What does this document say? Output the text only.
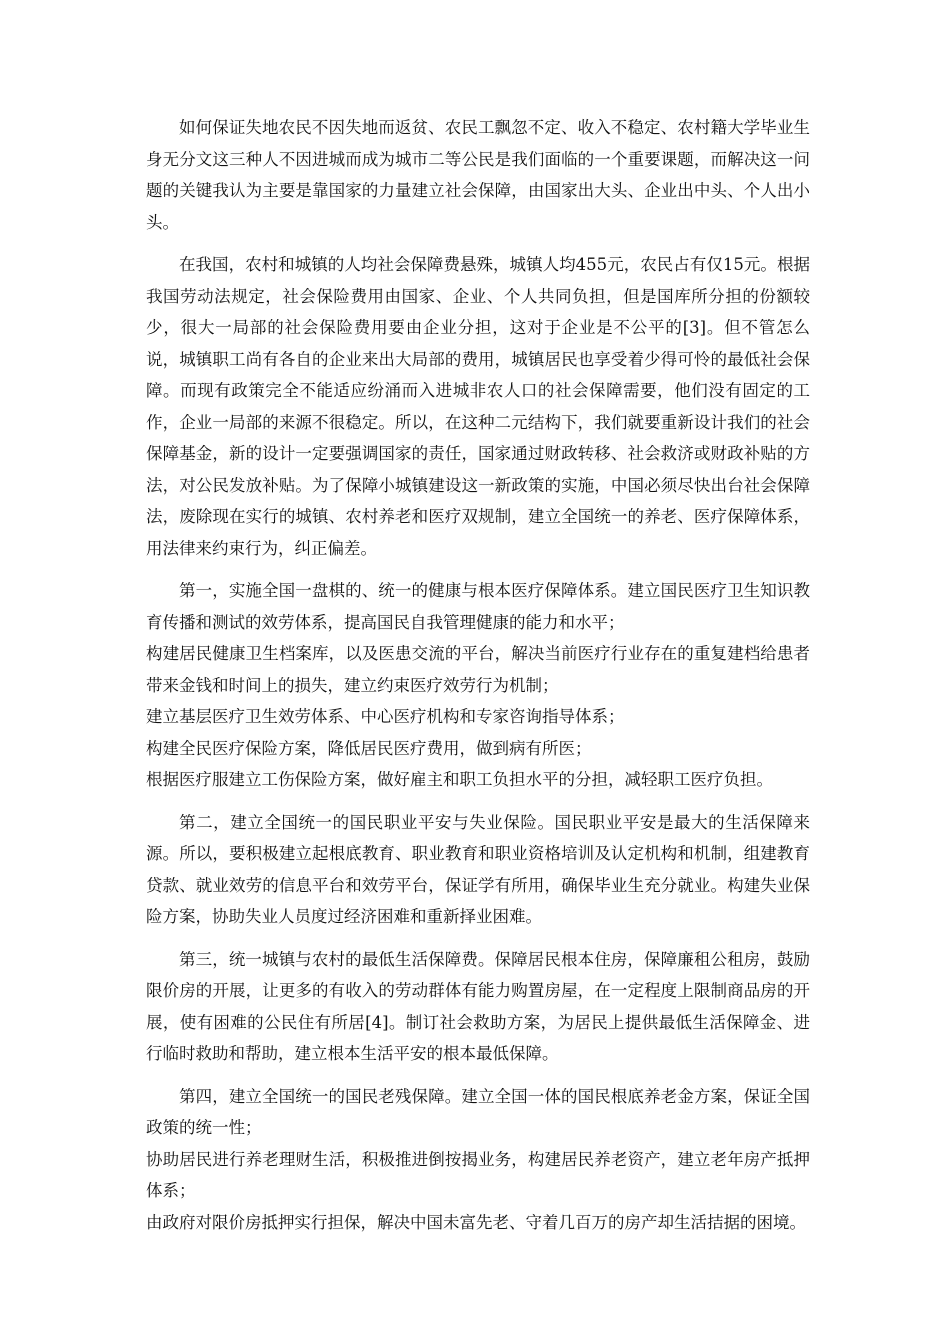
如何保证失地农民不因失地而返贫、农民工飘忽不定、收入不稳定、农村籍大学毕业生身无分文这三种人不因进城而成为城市二等公民是我们面临的一个重要课题，而解决这一问题的关键我认为主要是靠国家的力量建立社会保障，由国家出大头、企业出中头、个人出小头。

在我国，农村和城镇的人均社会保障费悬殊，城镇人均455元，农民占有仅15元。根据我国劳动法规定，社会保险费用由国家、企业、个人共同负担，但是国库所分担的份额较少，很大一局部的社会保险费用要由企业分担，这对于企业是不公平的[3]。但不管怎么说，城镇职工尚有各自的企业来出大局部的费用，城镇居民也享受着少得可怜的最低社会保障。而现有政策完全不能适应纷涌而入进城非农人口的社会保障需要，他们没有固定的工作，企业一局部的来源不很稳定。所以，在这种二元结构下，我们就要重新设计我们的社会保障基金，新的设计一定要强调国家的责任，国家通过财政转移、社会救济或财政补贴的方法，对公民发放补贴。为了保障小城镇建设这一新政策的实施，中国必须尽快出台社会保障法，废除现在实行的城镇、农村养老和医疗双规制，建立全国统一的养老、医疗保障体系，用法律来约束行为，纠正偏差。

第一，实施全国一盘棋的、统一的健康与根本医疗保障体系。建立国民医疗卫生知识教育传播和测试的效劳体系，提高国民自我管理健康的能力和水平；

构建居民健康卫生档案库，以及医患交流的平台，解决当前医疗行业存在的重复建档给患者带来金钱和时间上的损失，建立约束医疗效劳行为机制；

建立基层医疗卫生效劳体系、中心医疗机构和专家咨询指导体系；

构建全民医疗保险方案，降低居民医疗费用，做到病有所医；

根据医疗服建立工伤保险方案，做好雇主和职工负担水平的分担，减轻职工医疗负担。

第二，建立全国统一的国民职业平安与失业保险。国民职业平安是最大的生活保障来源。所以，要积极建立起根底教育、职业教育和职业资格培训及认定机构和机制，组建教育贷款、就业效劳的信息平台和效劳平台，保证学有所用，确保毕业生充分就业。构建失业保险方案，协助失业人员度过经济困难和重新择业困难。

第三，统一城镇与农村的最低生活保障费。保障居民根本住房，保障廉租公租房，鼓励限价房的开展，让更多的有收入的劳动群体有能力购置房屋，在一定程度上限制商品房的开展，使有困难的公民住有所居[4]。制订社会救助方案，为居民上提供最低生活保障金、进行临时救助和帮助，建立根本生活平安的根本最低保障。

第四，建立全国统一的国民老残保障。建立全国一体的国民根底养老金方案，保证全国政策的统一性；

协助居民进行养老理财生活，积极推进倒按揭业务，构建居民养老资产，建立老年房产抵押体系；

由政府对限价房抵押实行担保，解决中国未富先老、守着几百万的房产却生活拮据的困境。
